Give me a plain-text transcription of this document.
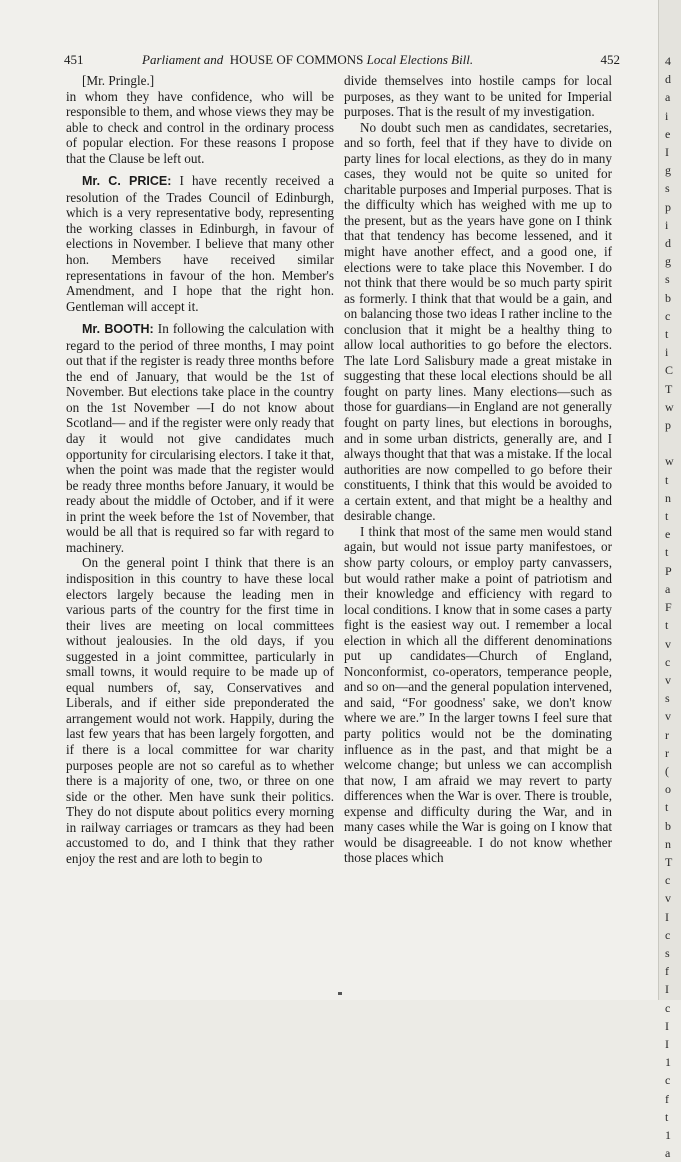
451	Parliament and HOUSE OF COMMONS Local Elections Bill.	452

[Mr. Pringle.]

in whom they have confidence, who will be responsible to them, and whose views they may be able to check and control in the ordinary process of popular election. For these reasons I propose that the Clause be left out.

Mr. C. PRICE: I have recently received a resolution of the Trades Council of Edinburgh, which is a very representative body, representing the working classes in Edinburgh, in favour of elections in November. I believe that many other hon. Members have received similar representations in favour of the hon. Member's Amendment, and I hope that the right hon. Gentleman will accept it.

Mr. BOOTH: In following the calculation with regard to the period of three months, I may point out that if the register is ready three months before the end of January, that would be the 1st of November. But elections take place in the country on the 1st November —I do not know about Scotland— and if the register were only ready that day it would not give candidates much opportunity for circularising electors. I take it that, when the point was made that the register would be ready three months before January, it would be ready about the middle of October, and if it were in print the week before the 1st of November, that would be all that is required so far with regard to machinery.

On the general point I think that there is an indisposition in this country to have these local electors largely because the leading men in various parts of the country for the first time in their lives are meeting on local committees without jealousies. In the old days, if you suggested in a joint committee, particularly in small towns, it would require to be made up of equal numbers of, say, Conservatives and Liberals, and if either side preponderated the arrangement would not work. Happily, during the last few years that has been largely forgotten, and if there is a local committee for war charity purposes people are not so careful as to whether there is a majority of one, two, or three on one side or the other. Men have sunk their politics. They do not dispute about politics every morning in railway carriages or tramcars as they had been accustomed to do, and I think that they rather enjoy the rest and are loth to begin to

divide themselves into hostile camps for local purposes, as they want to be united for Imperial purposes. That is the result of my investigation.

No doubt such men as candidates, secretaries, and so forth, feel that if they have to divide on party lines for local elections, as they do in many cases, they would not be quite so united for charitable purposes and Imperial purposes. That is the difficulty which has weighed with me up to the present, but as the years have gone on I think that that tendency has become lessened, and it might have another effect, and a good one, if elections were to take place this November. I do not think that there would be so much party spirit as formerly. I think that that would be a gain, and on balancing those two ideas I rather incline to the conclusion that it might be a healthy thing to allow local authorities to go before the electors. The late Lord Salisbury made a great mistake in suggesting that these local elections should be all fought on party lines. Many elections—such as those for guardians—in England are not generally fought on party lines, but elections in boroughs, and in some urban districts, generally are, and I always thought that that was a mistake. If the local authorities are now compelled to go before their constituents, I think that this would be avoided to a certain extent, and that might be a healthy and desirable change.

I think that most of the same men would stand again, but would not issue party manifestoes, or show party colours, or employ party canvassers, but would rather make a point of patriotism and their knowledge and efficiency with regard to local conditions. I know that in some cases a party fight is the easiest way out. I remember a local election in which all the different denominations put up candidates—Church of England, Nonconformist, co-operators, temperance people, and so on—and the general population intervened, and said, “For goodness' sake, we don't know where we are.” In the larger towns I feel sure that party politics would not be the dominating influence as in the past, and that might be a welcome change; but unless we can accomplish that now, I am afraid we may revert to party differences when the War is over. There is trouble, expense and difficulty during the War, and in many cases while the War is going on I know that would be disagreeable. I do not know whether those places which

4
d
a
i
e
I
g
s
p
i
d
g
s
b
c
t
i
C
T
w
p

w
t
n
t
e
t
P
a
F
t
v
c
v
s
v
r
r
(
o
t
b
n
T
c
v
I
c
s
f
I
c
I
I
1
c
f
t
1
a
